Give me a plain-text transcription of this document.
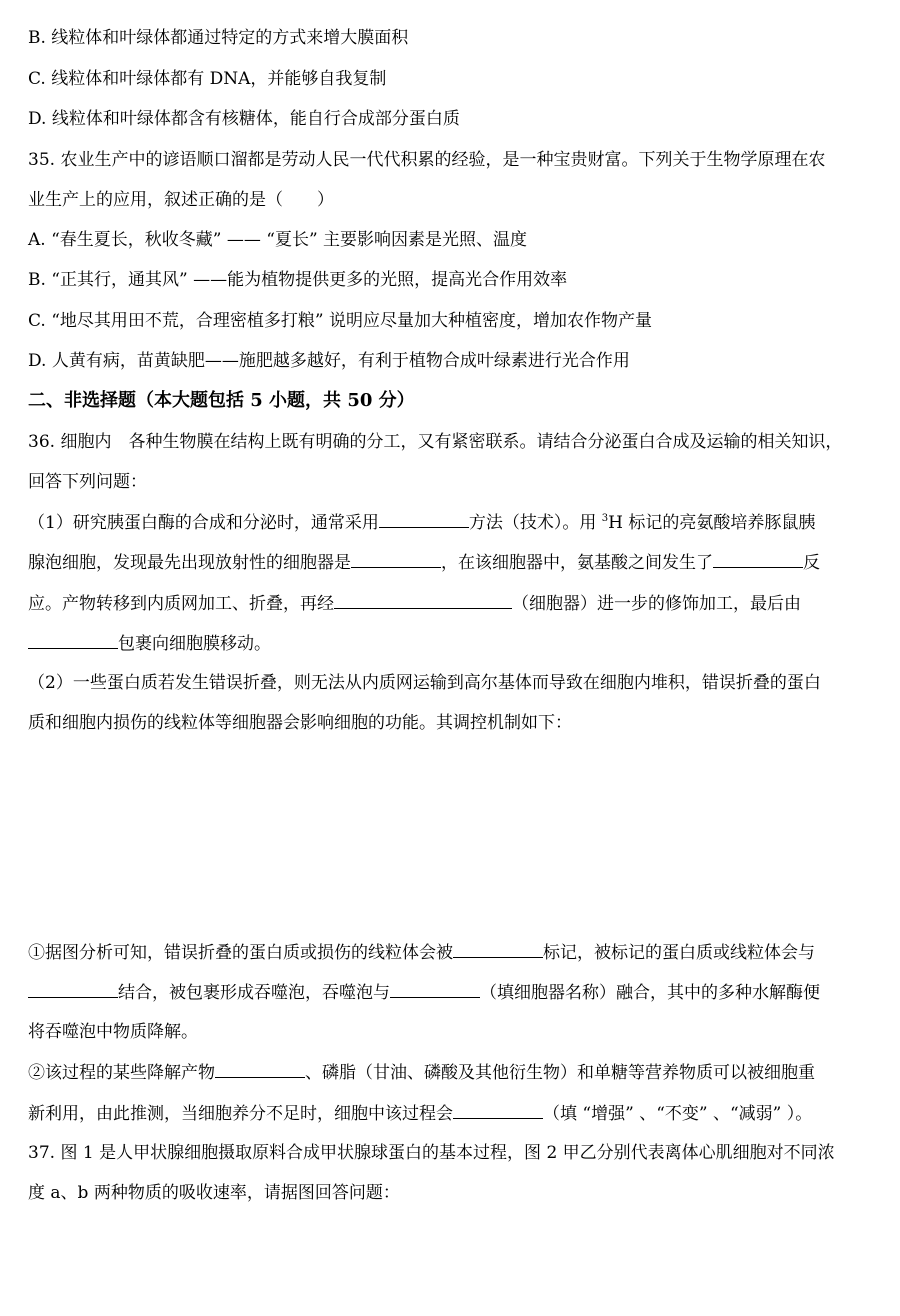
B. 线粒体和叶绿体都通过特定的方式来增大膜面积
C. 线粒体和叶绿体都有 DNA，并能够自我复制
D. 线粒体和叶绿体都含有核糖体，能自行合成部分蛋白质
35. 农业生产中的谚语顺口溜都是劳动人民一代代积累的经验，是一种宝贵财富。下列关于生物学原理在农
业生产上的应用，叙述正确的是（　　）
A. “春生夏长，秋收冬藏” —— “夏长” 主要影响因素是光照、温度
B. “正其行，通其风” ——能为植物提供更多的光照，提高光合作用效率
C. “地尽其用田不荒，合理密植多打粮” 说明应尽量加大种植密度，增加农作物产量
D. 人黄有病，苗黄缺肥——施肥越多越好，有利于植物合成叶绿素进行光合作用
二、非选择题（本大题包括 5 小题，共 50 分）
36. 细胞内　各种生物膜在结构上既有明确的分工，又有紧密联系。请结合分泌蛋白合成及运输的相关知识，
回答下列问题：
（1）研究胰蛋白酶的合成和分泌时，通常采用	方法（技术）。用 $^3$H 标记的亮氨酸培养豚鼠胰
腺泡细胞，发现最先出现放射性的细胞器是	，在该细胞器中，氨基酸之间发生了	反
应。产物转移到内质网加工、折叠，再经	（细胞器）进一步的修饰加工，最后由
包裹向细胞膜移动。
（2）一些蛋白质若发生错误折叠，则无法从内质网运输到高尔基体而导致在细胞内堆积，错误折叠的蛋白
质和细胞内损伤的线粒体等细胞器会影响细胞的功能。其调控机制如下：
①据图分析可知，错误折叠的蛋白质或损伤的线粒体会被	标记，被标记的蛋白质或线粒体会与
结合，被包裹形成吞噬泡，吞噬泡与	（填细胞器名称）融合，其中的多种水解酶便
将吞噬泡中物质降解。
②该过程的某些降解产物	、磷脂（甘油、磷酸及其他衍生物）和单糖等营养物质可以被细胞重
新利用，由此推测，当细胞养分不足时，细胞中该过程会	（填 “增强” 、“不变” 、“减弱” ）。
37. 图 1 是人甲状腺细胞摄取原料合成甲状腺球蛋白的基本过程，图 2 甲乙分别代表离体心肌细胞对不同浓
度 a、b 两种物质的吸收速率，请据图回答问题：
